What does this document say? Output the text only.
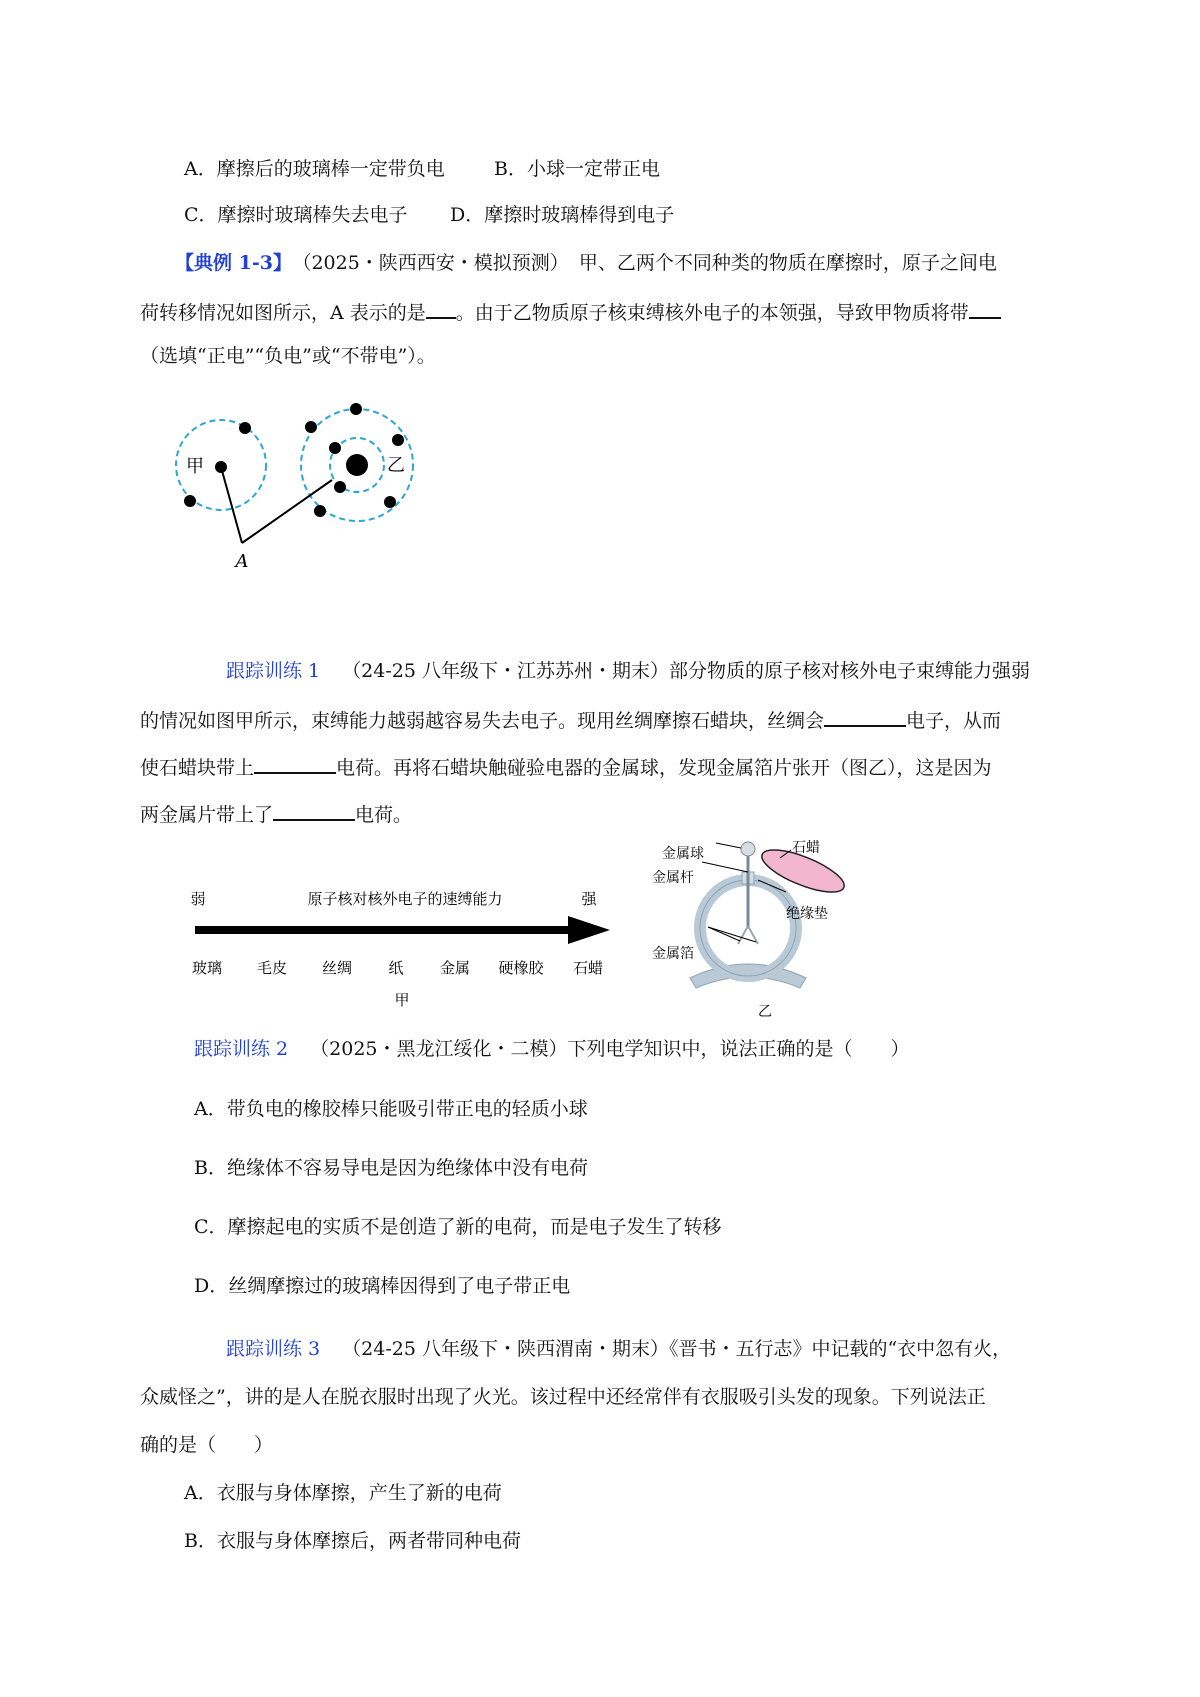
A．摩擦后的玻璃棒一定带负电	B．小球一定带正电
C．摩擦时玻璃棒失去电子 D．摩擦时玻璃棒得到电子
【典例 1-3】 （2025・陕西西安・模拟预测） 甲、乙两个不同种类的物质在摩擦时，原子之间电
荷转移情况如图所示，A 表示的是 。由于乙物质原子核束缚核外电子的本领强，导致甲物质将带
（选填“正电”“负电”或“不带电”）。
甲	乙
A
跟踪训练 1 （24-25 八年级下・江苏苏州・期末）部分物质的原子核对核外电子束缚能力强弱
的情况如图甲所示，束缚能力越弱越容易失去电子。现用丝绸摩擦石蜡块，丝绸会	电子，从而
使石蜡块带上	电荷。再将石蜡块触碰验电器的金属球，发现金属箔片张开（图乙），这是因为
两金属片带上了	电荷。
弱	原子核对核外电子的速缚能力	强
玻璃 毛皮 丝绸 纸 金属 硬橡胶 石蜡
甲
金属球
金属杆
石蜡
绝缘垫
金属箔
乙
跟踪训练 2 （2025・黑龙江绥化・二模）下列电学知识中，说法正确的是（　　）
A．带负电的橡胶棒只能吸引带正电的轻质小球
B．绝缘体不容易导电是因为绝缘体中没有电荷
C．摩擦起电的实质不是创造了新的电荷，而是电子发生了转移
D．丝绸摩擦过的玻璃棒因得到了电子带正电
跟踪训练 3 （24-25 八年级下・陕西渭南・期末）《晋书・五行志》中记载的“衣中忽有火，
众威怪之”，讲的是人在脱衣服时出现了火光。该过程中还经常伴有衣服吸引头发的现象。下列说法正
确的是（　　）
A．衣服与身体摩擦，产生了新的电荷
B．衣服与身体摩擦后，两者带同种电荷
